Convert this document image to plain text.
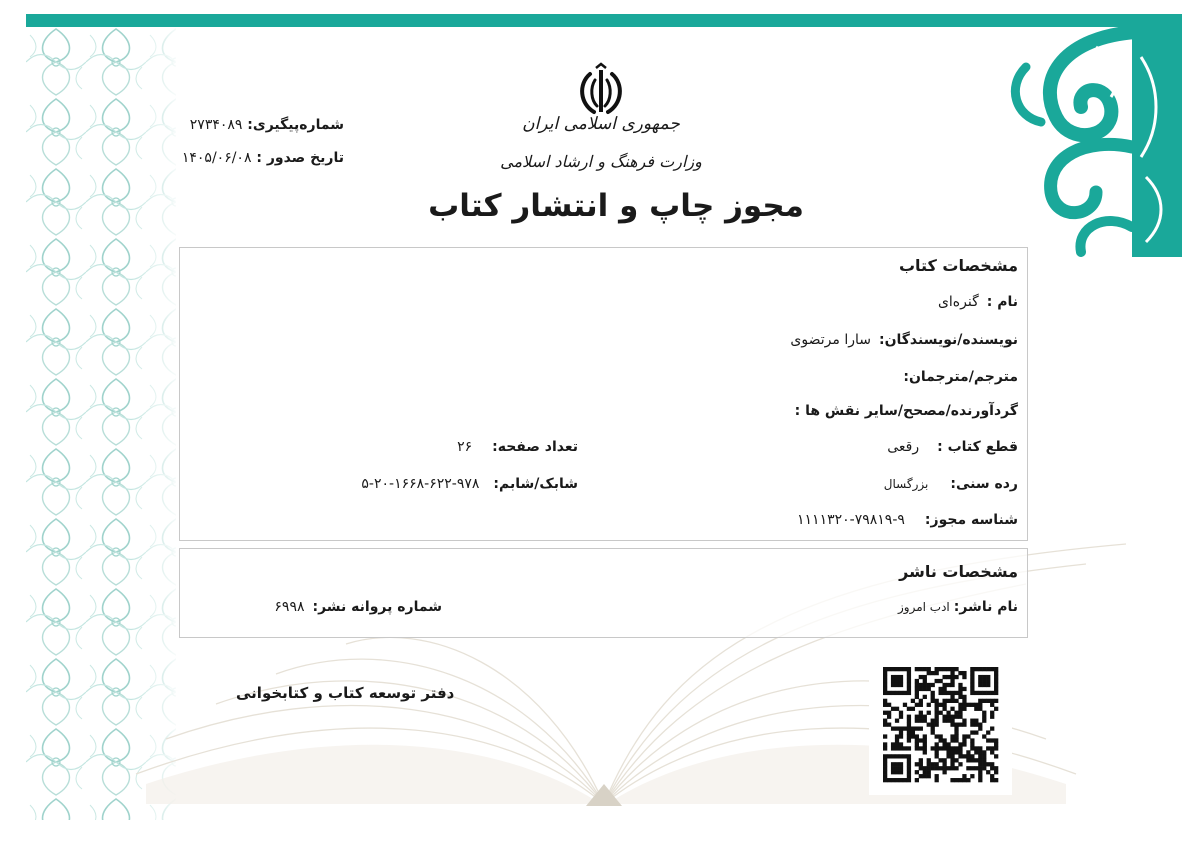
جمهوری اسلامی ایران
وزارت فرهنگ و ارشاد اسلامی
مجوز چاپ و انتشار کتاب
شماره‌پیگیری: ۲۷۳۴۰۸۹
تاریخ صدور : ۱۴۰۵/۰۶/۰۸
مشخصات کتاب
نام :گنره‌ای
نویسنده/نویسندگان:سارا مرتضوی
مترجم/مترجمان:
گردآورنده/مصحح/سایر نقش ها :
قطع کتاب :رقعی
تعداد صفحه:۲۶
رده سنی:بزرگسال
شابک/شابم:۹۷۸-۶۲۲-۱۶۶۸-۲۰-۵
شناسه مجوز:۹-۷۹۸۱۹-۱۱۱۱۳۲۰
مشخصات ناشر
نام ناشر:ادب امروز
شماره پروانه نشر:۶۹۹۸
دفتر توسعه کتاب و کتابخوانی
